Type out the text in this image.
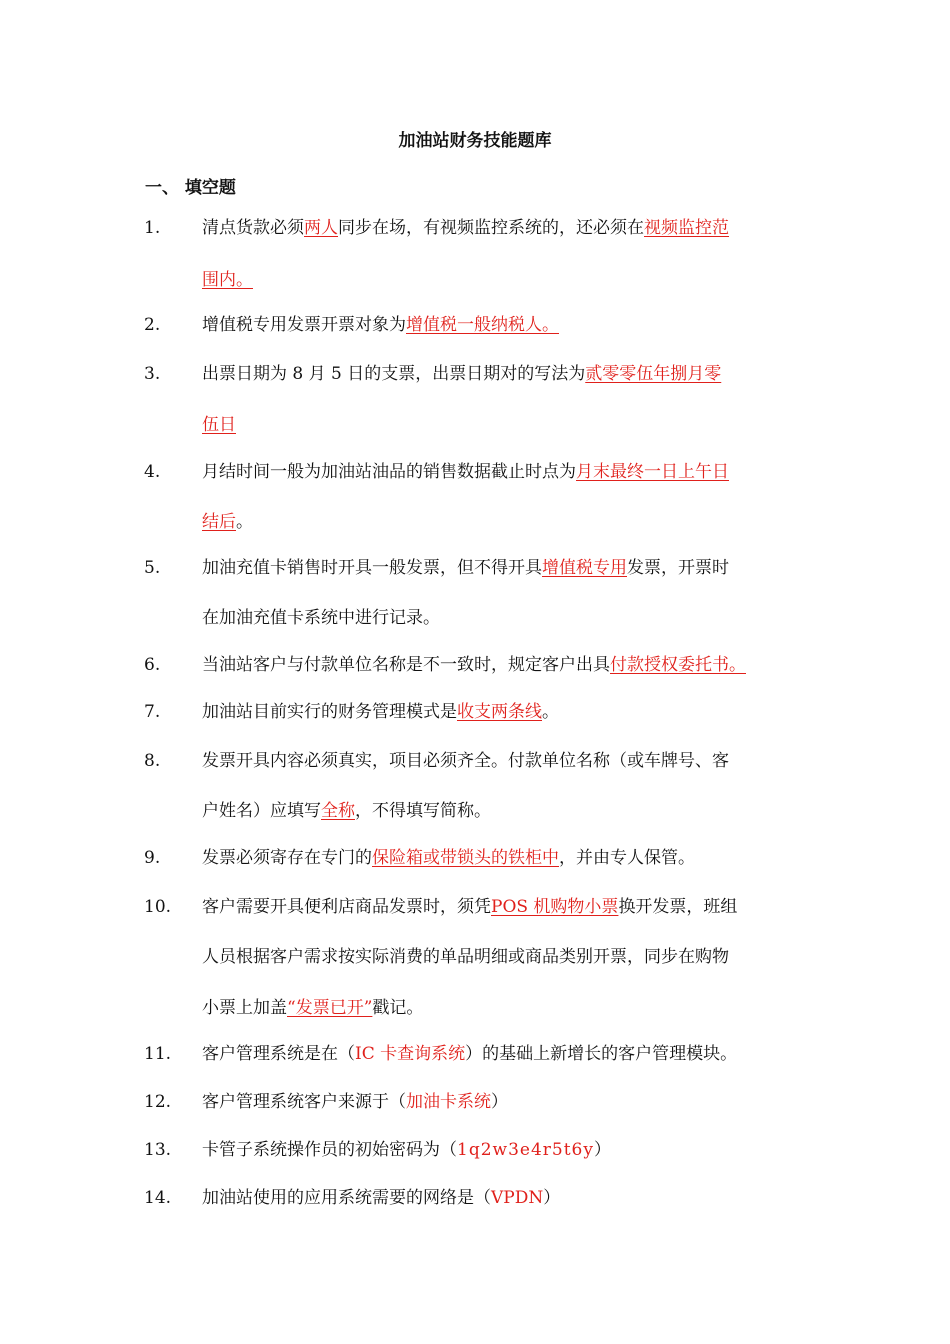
加油站财务技能题库
一、 填空题
1. 清点货款必须两人同步在场，有视频监控系统的，还必须在视频监控范
围内。
2. 增值税专用发票开票对象为增值税一般纳税人。
3. 出票日期为 8 月 5 日的支票，出票日期对的写法为贰零零伍年捌月零
伍日
4. 月结时间一般为加油站油品的销售数据截止时点为月末最终一日上午日
结后。
5. 加油充值卡销售时开具一般发票，但不得开具增值税专用发票，开票时
在加油充值卡系统中进行记录。
6. 当油站客户与付款单位名称是不一致时，规定客户出具付款授权委托书。
7. 加油站目前实行的财务管理模式是收支两条线。
8. 发票开具内容必须真实，项目必须齐全。付款单位名称（或车牌号、客
户姓名）应填写全称，不得填写简称。
9. 发票必须寄存在专门的保险箱或带锁头的铁柜中，并由专人保管。
10. 客户需要开具便利店商品发票时，须凭POS 机购物小票换开发票，班组
人员根据客户需求按实际消费的单品明细或商品类别开票，同步在购物
小票上加盖“发票已开”戳记。
11. 客户管理系统是在（IC 卡查询系统）的基础上新增长的客户管理模块。
12. 客户管理系统客户来源于（加油卡系统）
13. 卡管子系统操作员的初始密码为（1q2w3e4r5t6y）
14. 加油站使用的应用系统需要的网络是（VPDN）
